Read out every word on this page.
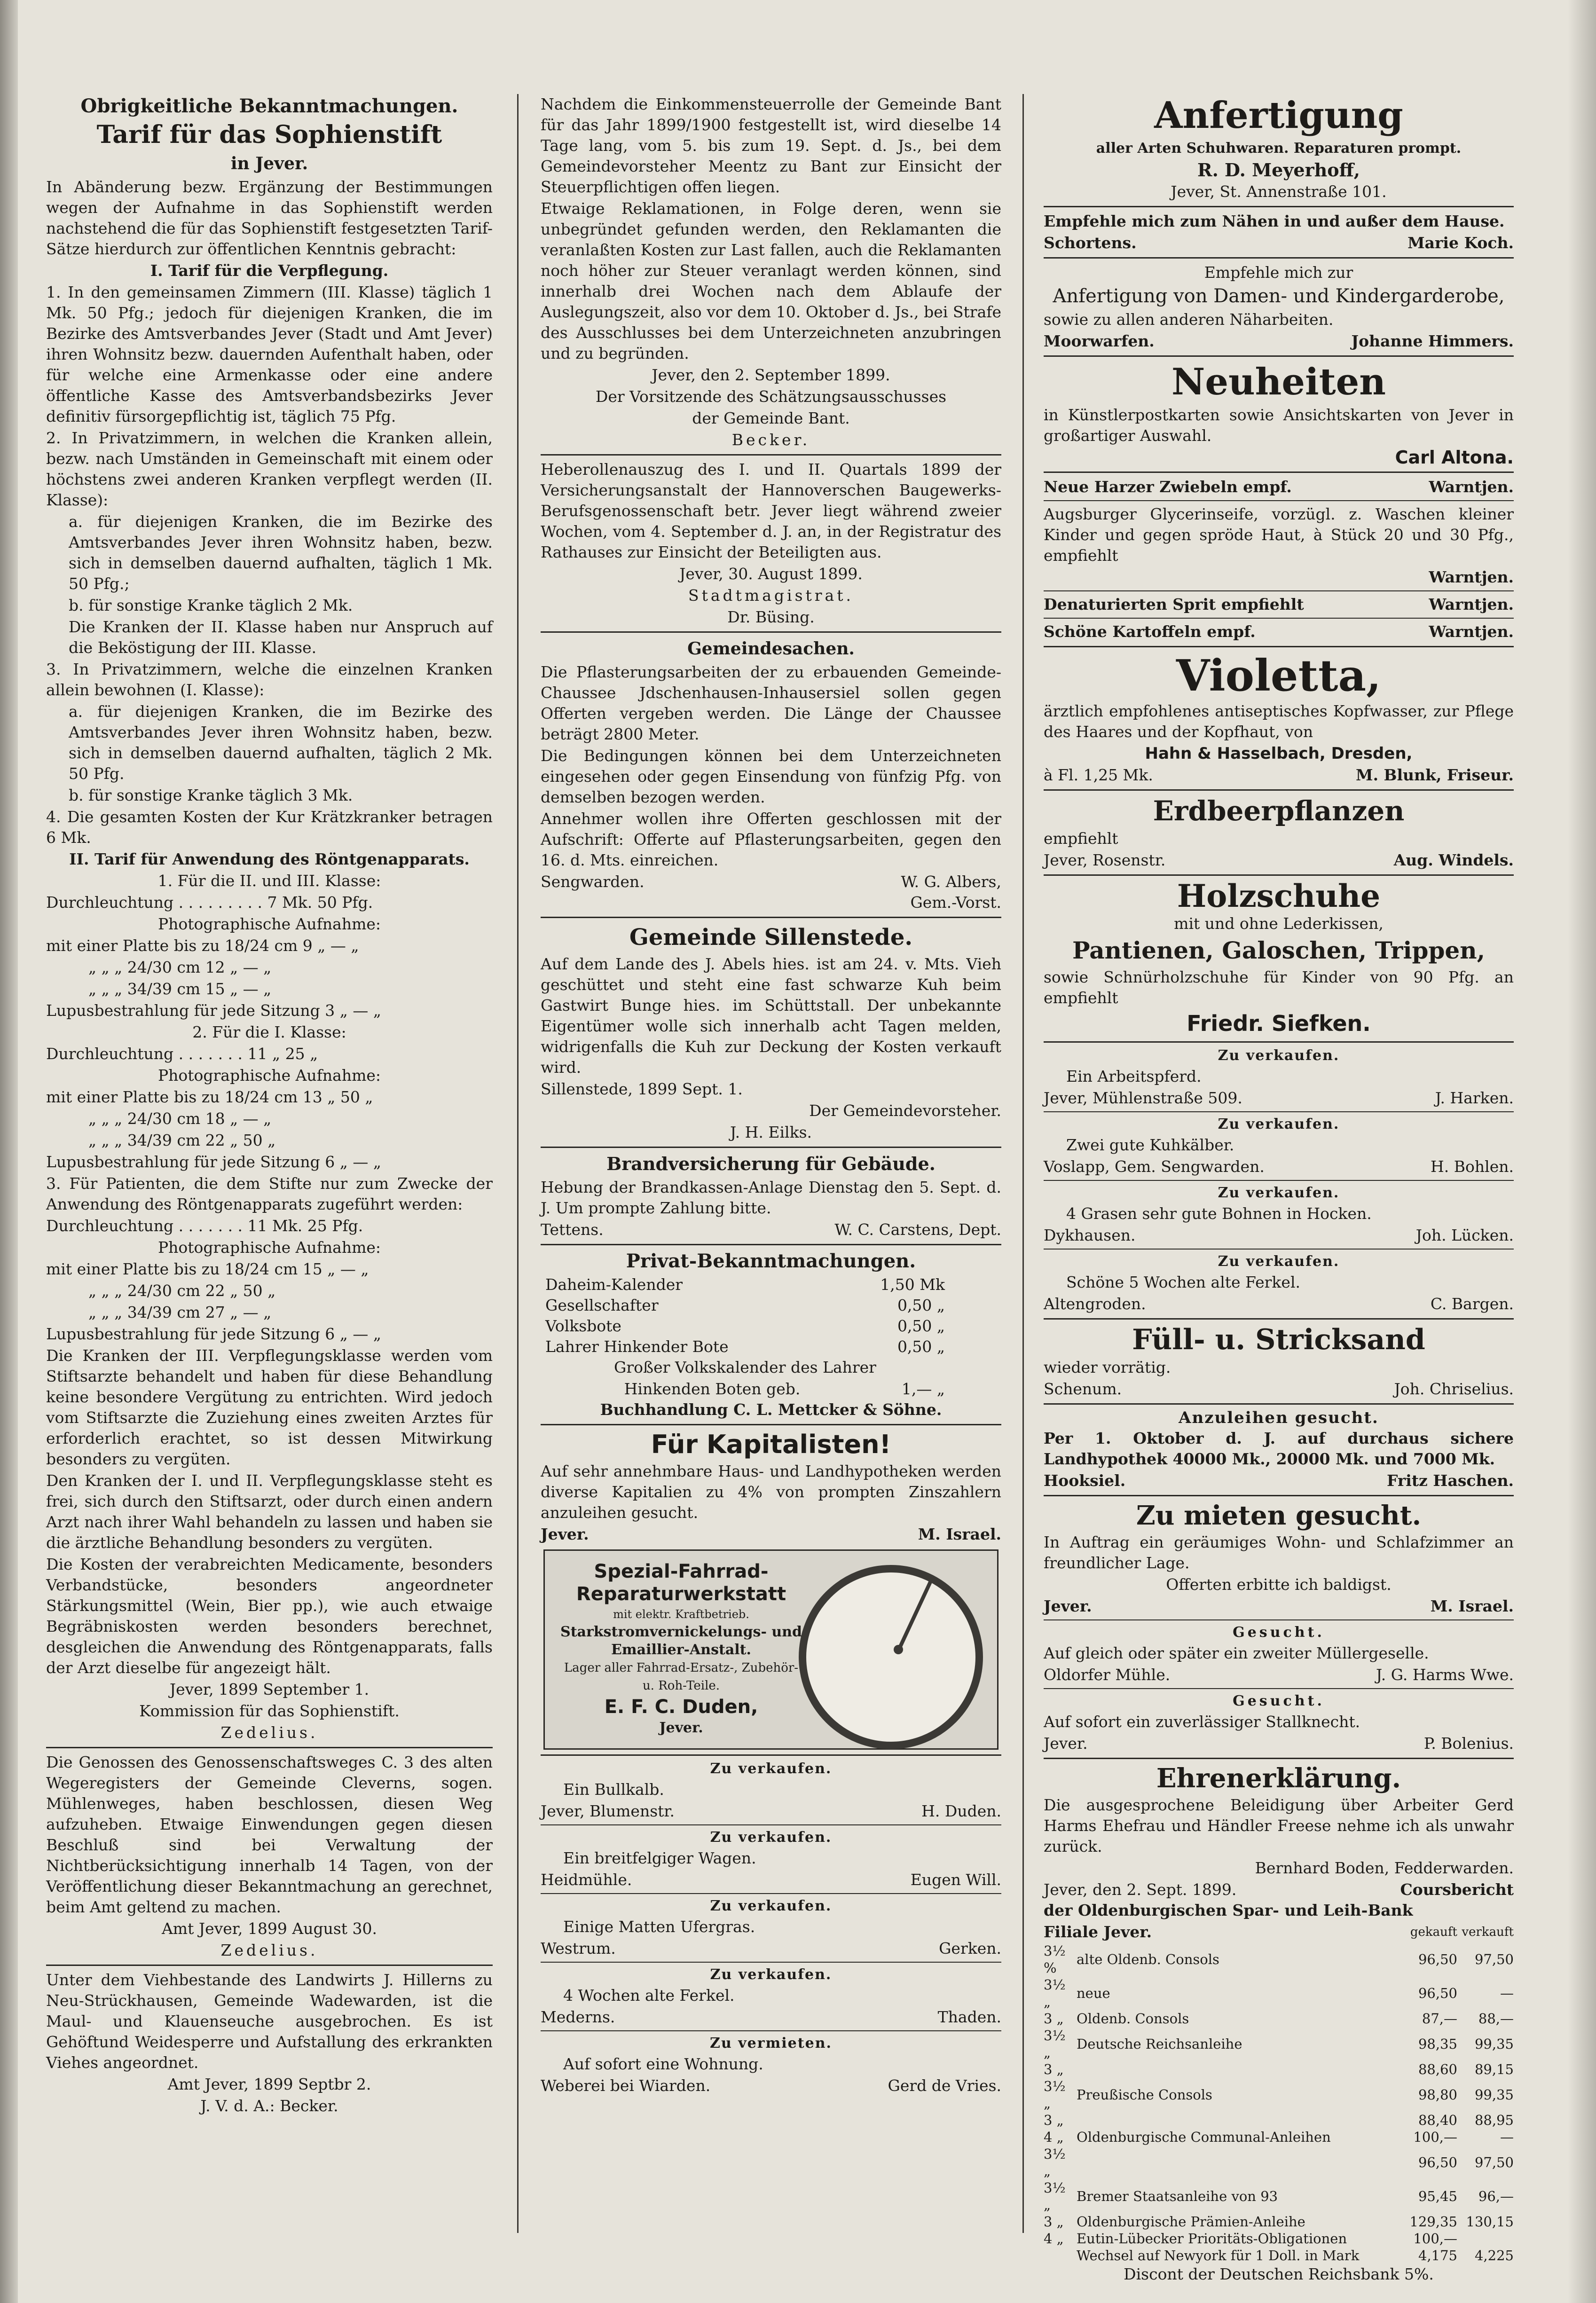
Obrigkeitliche Bekanntmachungen.

Tarif für das Sophienstift

in Jever.

In Abänderung bezw. Ergänzung der Bestimmungen wegen der Aufnahme in das Sophienstift werden nachstehend die für das Sophienstift festgesetzten Tarif-Sätze hierdurch zur öffentlichen Kenntnis gebracht:

I. Tarif für die Verpflegung.

1. In den gemeinsamen Zimmern (III. Klasse) täglich 1 Mk. 50 Pfg.; jedoch für diejenigen Kranken, die im Bezirke des Amtsverbandes Jever (Stadt und Amt Jever) ihren Wohnsitz bezw. dauernden Aufenthalt haben, oder für welche eine Armenkasse oder eine andere öffentliche Kasse des Amtsverbandsbezirks Jever definitiv fürsorgepflichtig ist, täglich 75 Pfg.

2. In Privatzimmern, in welchen die Kranken allein, bezw. nach Umständen in Gemeinschaft mit einem oder höchstens zwei anderen Kranken verpflegt werden (II. Klasse):

a. für diejenigen Kranken, die im Bezirke des Amtsverbandes Jever ihren Wohnsitz haben, bezw. sich in demselben dauernd aufhalten, täglich 1 Mk. 50 Pfg.;

b. für sonstige Kranke täglich 2 Mk.

Die Kranken der II. Klasse haben nur Anspruch auf die Beköstigung der III. Klasse.

3. In Privatzimmern, welche die einzelnen Kranken allein bewohnen (I. Klasse):

a. für diejenigen Kranken, die im Bezirke des Amtsverbandes Jever ihren Wohnsitz haben, bezw. sich in demselben dauernd aufhalten, täglich 2 Mk. 50 Pfg.

b. für sonstige Kranke täglich 3 Mk.

4. Die gesamten Kosten der Kur Krätzkranker betragen 6 Mk.

II. Tarif für Anwendung des Röntgenapparats.

1. Für die II. und III. Klasse:

Durchleuchtung . . . . . . . . . 7 Mk. 50 Pfg.

Photographische Aufnahme:

mit einer Platte bis zu 18/24 cm 9 „ — „

„ „ „ 24/30 cm 12 „ — „

„ „ „ 34/39 cm 15 „ — „

Lupusbestrahlung für jede Sitzung 3 „ — „

2. Für die I. Klasse:

Durchleuchtung . . . . . . . 11 „ 25 „

Photographische Aufnahme:

mit einer Platte bis zu 18/24 cm 13 „ 50 „

„ „ „ 24/30 cm 18 „ — „

„ „ „ 34/39 cm 22 „ 50 „

Lupusbestrahlung für jede Sitzung 6 „ — „

3. Für Patienten, die dem Stifte nur zum Zwecke der Anwendung des Röntgenapparats zugeführt werden:

Durchleuchtung . . . . . . . 11 Mk. 25 Pfg.

Photographische Aufnahme:

mit einer Platte bis zu 18/24 cm 15 „ — „

„ „ „ 24/30 cm 22 „ 50 „

„ „ „ 34/39 cm 27 „ — „

Lupusbestrahlung für jede Sitzung 6 „ — „

Die Kranken der III. Verpflegungsklasse werden vom Stiftsarzte behandelt und haben für diese Behandlung keine besondere Vergütung zu entrichten. Wird jedoch vom Stiftsarzte die Zuziehung eines zweiten Arztes für erforderlich erachtet, so ist dessen Mitwirkung besonders zu vergüten.

Den Kranken der I. und II. Verpflegungsklasse steht es frei, sich durch den Stiftsarzt, oder durch einen andern Arzt nach ihrer Wahl behandeln zu lassen und haben sie die ärztliche Behandlung besonders zu vergüten.

Die Kosten der verabreichten Medicamente, besonders Verbandstücke, besonders angeordneter Stärkungsmittel (Wein, Bier pp.), wie auch etwaige Begräbniskosten werden besonders berechnet, desgleichen die Anwendung des Röntgenapparats, falls der Arzt dieselbe für angezeigt hält.

Jever, 1899 September 1.

Kommission für das Sophienstift.

Zedelius.

Die Genossen des Genossenschaftsweges C. 3 des alten Wegeregisters der Gemeinde Cleverns, sogen. Mühlenweges, haben beschlossen, diesen Weg aufzuheben. Etwaige Einwendungen gegen diesen Beschluß sind bei Verwaltung der Nichtberücksichtigung innerhalb 14 Tagen, von der Veröffentlichung dieser Bekanntmachung an gerechnet, beim Amt geltend zu machen.

Amt Jever, 1899 August 30.

Zedelius.

Unter dem Viehbestande des Landwirts J. Hillerns zu Neu-Strückhausen, Gemeinde Wadewarden, ist die Maul- und Klauenseuche ausgebrochen. Es ist Gehöftund Weidesperre und Aufstallung des erkrankten Viehes angeordnet.

Amt Jever, 1899 Septbr 2.

J. V. d. A.: Becker.

Nachdem die Einkommensteuerrolle der Gemeinde Bant für das Jahr 1899/1900 festgestellt ist, wird dieselbe 14 Tage lang, vom 5. bis zum 19. Sept. d. Js., bei dem Gemeindevorsteher Meentz zu Bant zur Einsicht der Steuerpflichtigen offen liegen.

Etwaige Reklamationen, in Folge deren, wenn sie unbegründet gefunden werden, den Reklamanten die veranlaßten Kosten zur Last fallen, auch die Reklamanten noch höher zur Steuer veranlagt werden können, sind innerhalb drei Wochen nach dem Ablaufe der Auslegungszeit, also vor dem 10. Oktober d. Js., bei Strafe des Ausschlusses bei dem Unterzeichneten anzubringen und zu begründen.

Jever, den 2. September 1899.

Der Vorsitzende des Schätzungsausschusses

der Gemeinde Bant.

Becker.

Heberollenauszug des I. und II. Quartals 1899 der Versicherungsanstalt der Hannoverschen Baugewerks-Berufsgenossenschaft betr. Jever liegt während zweier Wochen, vom 4. September d. J. an, in der Registratur des Rathauses zur Einsicht der Beteiligten aus.

Jever, 30. August 1899.

Stadtmagistrat.

Dr. Büsing.

Gemeindesachen.

Die Pflasterungsarbeiten der zu erbauenden Gemeinde-Chaussee Jdschenhausen-Inhausersiel sollen gegen Offerten vergeben werden. Die Länge der Chaussee beträgt 2800 Meter.

Die Bedingungen können bei dem Unterzeichneten eingesehen oder gegen Einsendung von fünfzig Pfg. von demselben bezogen werden.

Annehmer wollen ihre Offerten geschlossen mit der Aufschrift: Offerte auf Pflasterungsarbeiten, gegen den 16. d. Mts. einreichen.

Sengwarden.	W. G. Albers,

Gem.-Vorst.

Gemeinde Sillenstede.

Auf dem Lande des J. Abels hies. ist am 24. v. Mts. Vieh geschüttet und steht eine fast schwarze Kuh beim Gastwirt Bunge hies. im Schüttstall. Der unbekannte Eigentümer wolle sich innerhalb acht Tagen melden, widrigenfalls die Kuh zur Deckung der Kosten verkauft wird.

Sillenstede, 1899 Sept. 1.

Der Gemeindevorsteher.

J. H. Eilks.

Brandversicherung für Gebäude.

Hebung der Brandkassen-Anlage Dienstag den 5. Sept. d. J. Um prompte Zahlung bitte.

Tettens.	W. C. Carstens, Dept.

Privat-Bekanntmachungen.

Daheim-Kalender	1,50 Mk
Gesellschafter	0,50 „
Volksbote	0,50 „
Lahrer Hinkender Bote	0,50 „

Großer Volkskalender des Lahrer

Hinkenden Boten geb.	1,— „

Buchhandlung C. L. Mettcker & Söhne.

Für Kapitalisten!

Auf sehr annehmbare Haus- und Landhypotheken werden diverse Kapitalien zu 4% von prompten Zinszahlern anzuleihen gesucht.

Jever.	M. Israel.
Spezial-Fahrrad-
Reparaturwerkstatt
mit elektr. Kraftbetrieb.
Starkstromvernickelungs- und Emaillier-Anstalt.
Lager aller Fahrrad-Ersatz-, Zubehör- u. Roh-Teile.
E. F. C. Duden,
Jever.

Zu verkaufen.

Ein Bullkalb.

Jever, Blumenstr.	H. Duden.

Zu verkaufen.

Ein breitfelgiger Wagen.

Heidmühle.	Eugen Will.

Zu verkaufen.

Einige Matten Ufergras.

Westrum.	Gerken.

Zu verkaufen.

4 Wochen alte Ferkel.

Mederns.	Thaden.

Zu vermieten.

Auf sofort eine Wohnung.

Weberei bei Wiarden.	Gerd de Vries.

Anfertigung

aller Arten Schuhwaren. Reparaturen prompt.

R. D. Meyerhoff,

Jever, St. Annenstraße 101.

Empfehle mich zum Nähen in und außer dem Hause.

Schortens.	Marie Koch.

Empfehle mich zur

Anfertigung von Damen- und Kindergarderobe,

sowie zu allen anderen Näharbeiten.

Moorwarfen.	Johanne Himmers.

Neuheiten

in Künstlerpostkarten sowie Ansichtskarten von Jever in großartiger Auswahl.

Carl Altona.

Neue Harzer Zwiebeln empf.	Warntjen.

Augsburger Glycerinseife, vorzügl. z. Waschen kleiner Kinder und gegen spröde Haut, à Stück 20 und 30 Pfg., empfiehlt

Warntjen.

Denaturierten Sprit empfiehlt	Warntjen.
Schöne Kartoffeln empf.	Warntjen.

Violetta,

ärztlich empfohlenes antiseptisches Kopfwasser, zur Pflege des Haares und der Kopfhaut, von

Hahn & Hasselbach, Dresden,

à Fl. 1,25 Mk.	M. Blunk, Friseur.

Erdbeerpflanzen

empfiehlt

Jever, Rosenstr.	Aug. Windels.

Holzschuhe

mit und ohne Lederkissen,

Pantienen, Galoschen, Trippen,

sowie Schnürholzschuhe für Kinder von 90 Pfg. an empfiehlt

Friedr. Siefken.

Zu verkaufen.

Ein Arbeitspferd.

Jever, Mühlenstraße 509.	J. Harken.

Zu verkaufen.

Zwei gute Kuhkälber.

Voslapp, Gem. Sengwarden.	H. Bohlen.

Zu verkaufen.

4 Grasen sehr gute Bohnen in Hocken.

Dykhausen.	Joh. Lücken.

Zu verkaufen.

Schöne 5 Wochen alte Ferkel.

Altengroden.	C. Bargen.

Füll- u. Stricksand

wieder vorrätig.

Schenum.	Joh. Chriselius.

Anzuleihen gesucht.

Per 1. Oktober d. J. auf durchaus sichere Landhypothek 40000 Mk., 20000 Mk. und 7000 Mk.

Hooksiel.	Fritz Haschen.

Zu mieten gesucht.

In Auftrag ein geräumiges Wohn- und Schlafzimmer an freundlicher Lage.

Offerten erbitte ich baldigst.

Jever.	M. Israel.

Gesucht.

Auf gleich oder später ein zweiter Müllergeselle.

Oldorfer Mühle.	J. G. Harms Wwe.

Gesucht.

Auf sofort ein zuverlässiger Stallknecht.

Jever.	P. Bolenius.

Ehrenerklärung.

Die ausgesprochene Beleidigung über Arbeiter Gerd Harms Ehefrau und Händler Freese nehme ich als unwahr zurück.

Bernhard Boden, Fedderwarden.

Jever, den 2. Sept. 1899.	Coursbericht

der Oldenburgischen Spar- und Leih-Bank

Filiale Jever.	gekauft verkauft
3½ %	alte Oldenb. Consols	96,50	97,50
3½ „	neue	96,50	—
3 „	Oldenb. Consols	87,—	88,—
3½ „	Deutsche Reichsanleihe	98,35	99,35
3 „		88,60	89,15
3½ „	Preußische Consols	98,80	99,35
3 „		88,40	88,95
4 „	Oldenburgische Communal-Anleihen	100,—	—
3½ „		96,50	97,50
3½ „	Bremer Staatsanleihe von 93	95,45	96,—
3 „	Oldenburgische Prämien-Anleihe	129,35	130,15
4 „	Eutin-Lübecker Prioritäts-Obligationen	100,—	
	Wechsel auf Newyork für 1 Doll. in Mark	4,175	4,225

Discont der Deutschen Reichsbank 5%.
